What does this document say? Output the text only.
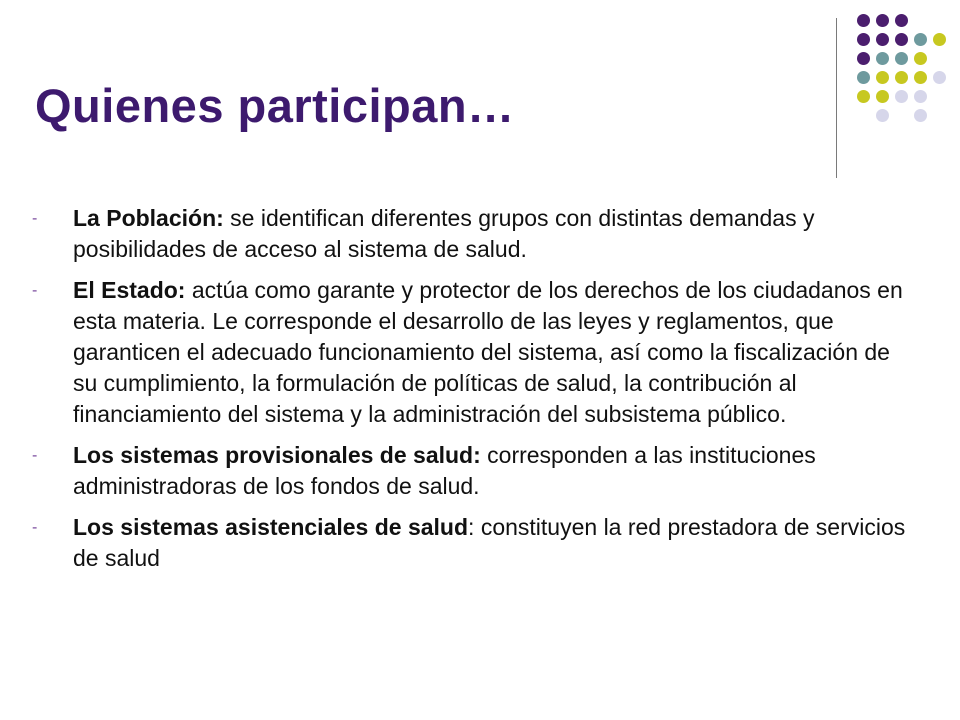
Quienes participan…
- La Población: se identifican diferentes grupos con distintas demandas y posibilidades de acceso al sistema de salud.
- El Estado: actúa como garante y protector de los derechos de los ciudadanos en esta materia. Le corresponde el desarrollo de las leyes y reglamentos, que garanticen el adecuado funcionamiento del sistema, así como la fiscalización de su cumplimiento, la formulación de políticas de salud, la contribución al financiamiento del sistema y la administración del subsistema público.
- Los sistemas provisionales de salud: corresponden a las instituciones administradoras de los fondos de salud.
- Los sistemas asistenciales de salud: constituyen la red prestadora de servicios de salud
